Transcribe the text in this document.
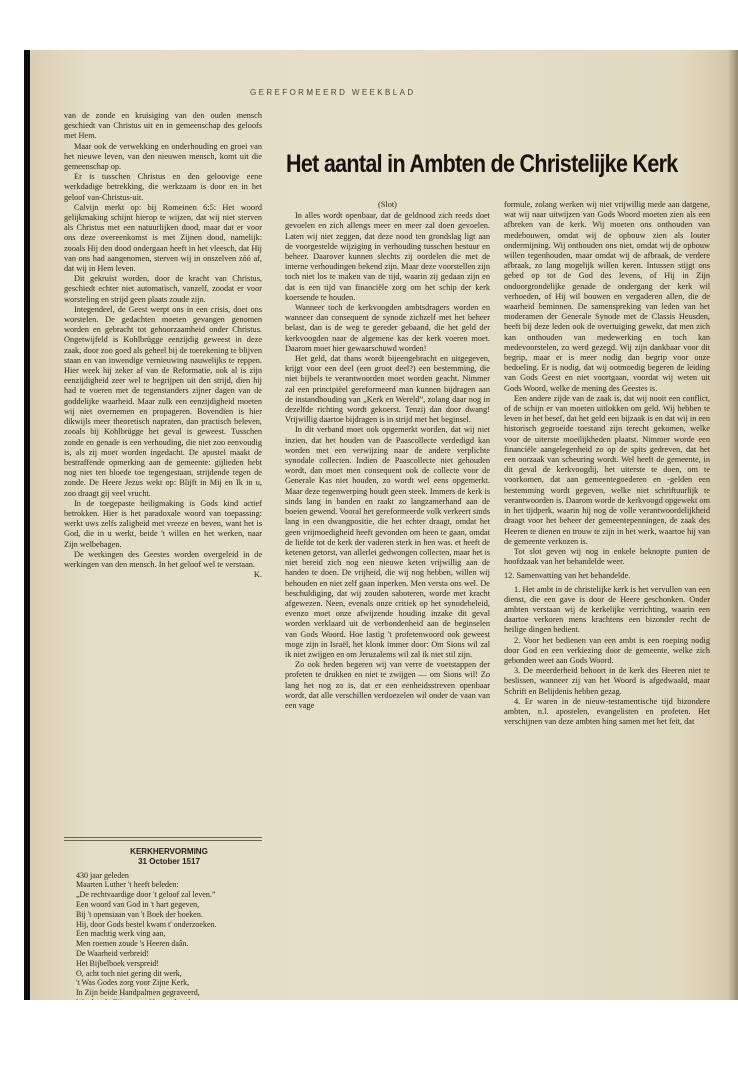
GEREFORMEERD WEEKBLAD

van de zonde en kruisiging van den ouden mensch geschiedt van Christus uit en in gemeenschap des geloofs met Hem.

Maar ook de verwekking en onderhouding en groei van het nieuwe leven, van den nieuwen mensch, komt uit die gemeenschap op.

Er is tusschen Christus en den geloovige eene werkdadige betrekking, die werkzaam is door en in het geloof van-Christus-uit.

Calvijn merkt op: bij Romeinen 6:5: Het woord gelijkmaking schijnt hierop te wijzen, dat wij niet sterven als Christus met een natuurlijken dood, maar dat er voor ons deze overeenkomst is met Zijnen dood, namelijk: zooals Hij den dood ondergaan heeft in het vleesch, dat Hij van ons had aangenomen, sterven wij in onszelven zóó af, dat wij in Hem leven.

Dit gekruist worden, door de kracht van Christus, geschiedt echter niet automatisch, vanzelf, zoodat er voor worsteling en strijd geen plaats zoude zijn.

Integendeel, de Geest werpt ons in een crisis, doet ons worstelen. De gedachten moeten gevangen genomen worden en gebracht tot gehoorzaamheid onder Christus. Ongetwijfeld is Kohlbrügge eenzijdig geweest in deze zaak, door zoo goed als geheel bij de toerekening te blijven staan en van inwendige vernieuwing nauwelijks te reppen. Hier week hij zeker af van de Reformatie, ook al is zijn eenzijdigheid zeer wel te begrijpen uit den strijd, dien hij had te voeren met de tegenstanders zijner dagen van de goddelijke waarheid. Maar zulk een eenzijdigheid moeten wij niet overnemen en propageren. Bovendien is hier dikwijls meer theoretisch napraten, dan practisch beleven, zooals bij Kohlbrügge het geval is geweest. Tusschen zonde en genade is een verhouding, die niet zoo eenvoudig is, als zij moet worden ingedacht. De apostel maakt de bestraffende opmerking aan de gemeente: gijlieden hebt nog niet ten bloede toe tegengestaan, strijdende tegen de zonde. De Heere Jezus wekt op: Blijft in Mij en Ik in u, zoo draagt gij veel vrucht.

In de toegepaste heiligmaking is Gods kind actief betrokken. Hier is het paradoxale woord van toepassing: werkt uws zelfs zaligheid met vreeze en beven, want het is God, die in u werkt, beide 't willen en het werken, naar Zijn welbehagen.

De werkingen des Geestes worden overgeleid in de werkingen van den mensch. In het geloof wel te verstaan.

K.

KERKHERVORMING
31 October 1517
430 jaar geleden
Maarten Luther 't heeft beleden:
„De rechtvaardige door 't geloof zal leven.”
Een woord van God in 't hart gegeven,
Bij 't opensiaan van 't Boek der boeken.
Hij, door Gods bestel kwam t' onderzoeken.
Een machtig werk ving aan,
Men roemen zoude 's Heeren daân.
De Waarheid verbreid!
Het Bijbelboek verspreid!
O, acht toch niet gering dit werk,
't Was Godes zorg voor Zijne Kerk,
In Zijn beide Handpalmen gegraveerd,
Het aantal in Ambten de Christelijke Kerk

(Slot)

In alles wordt openbaar, dat de geldnood zich reeds doet gevoelen en zich allengs meer en meer zal doen gevoelen. Laten wij niet zeggen, dat deze nood ten grondslag ligt aan de voorgestelde wijziging in verhouding tusschen bestuur en beheer. Daarover kunnen slechts zij oordelen die met de interne verhoudingen bekend zijn. Maar deze voorstellen zijn toch niet los te maken van de tijd, waarin zij gedaan zijn en dat is een tijd van financiële zorg om het schip der kerk koersende te houden.

Wanneer toch de kerkvoogden ambtsdragers worden en wanneer dan consequent de synode zichzelf met het beheer belast, dan is de weg te gereder gebaand, die het geld der kerkvoogden naar de algemene kas der kerk voeren moet. Daarom moet hier gewaarschuwd worden!

Het geld, dat thans wordt bijeengebracht en uitgegeven, krijgt voor een deel (een groot deel?) een bestemming, die niet bijbels te verantwoorden moet worden geacht. Nimmer zal een principiëel gereformeerd man kunnen bijdragen aan de instandhouding van „Kerk en Wereld”, zolang daar nog in dezelfde richting wordt gekoerst. Tenzij dan door dwang! Vrijwillig daartoe bijdragen is in strijd met het beginsel.

In dit verband moet ook opgemerkt worden, dat wij niet inzien, dat het houden van de Paascollecte verdedigd kan worden met een verwijzing naar de andere verplichte synodale collecten. Indien de Paascollecte niet gehouden wordt, dan moet men consequent ook de collecte voor de Generale Kas niet houden, zo wordt wel eens opgemerkt. Maar deze tegenwerping houdt geen steek. Immers de kerk is sinds lang in banden en raakt zo langzamerhand aan de boeien gewend. Vooral het gereformeerde volk verkeert sinds lang in een dwangpositie, die het echter draagt, omdat het geen vrijmoedigheid heeft gevonden om heen te gaan, omdat de liefde tot de kerk der vaderen sterk in hen was. et heeft de ketenen getorst, van allerlei gedwongen collecten, maar het is niet bereid zich nog een nieuwe keten vrijwillig aan de handen te doen. De vrijheid, die wij nog hebben, willen wij behouden en niet zelf gaan inperken. Men versta ons wel. De beschuldiging, dat wij zouden saboteren, worde met kracht afgewezen. Neen, evenals onze critiek op het synodebeleid, evenzo moet onze afwijzende houding inzake dit geval worden verklaard uit de verbondenheid aan de beginselen van Gods Woord. Hoe lastig 't profetenwoord ook geweest moge zijn in Israël, het klonk immer door: Om Sions wil zal ik niet zwijgen en om Jeruzalems wil zal ik niet stil zijn.

Zo ook heden begeren wij van verre de voetstappen der profeten te drukken en niet te zwijgen — om Sions wil! Zo lang het nog zo is, dat er een eenheidsstreven openbaar wordt, dat alle verschillen verdoezelen wil onder de vaan van een vage

formule, zolang werken wij niet vrijwillig mede aan datgene, wat wij naar uitwijzen van Gods Woord moeten zien als een afbreken van de kerk. Wij moeten ons onthouden van medebouwen, omdat wij de opbouw zien als louter ondermijning. Wij onthouden ons niet, omdat wij de opbouw willen tegenhouden, maar omdat wij de afbraak, de verdere afbraak, zo lang mogelijk willen keren. Intussen stijgt ons gebed op tot de God des levens, of Hij in Zijn ondoorgrondelijke genade de ondergang der kerk wil verhoeden, of Hij wil bouwen en vergaderen allen, die de waarheid beminnen. De samenspreking van leden van het moderamen der Generale Synode met de Classis Heusden, heeft bij deze leden ook de overtuiging gewekt, dat men zich kan onthouden van medewerking en toch kan medevoorstelen, zo werd gezegd. Wij zijn dankbaar voor dit begrip, maar er is meer nodig dan begrip voor onze bedoeling. Er is nodig, dat wij ootmoedig begeren de leiding van Gods Geest en niet voortgaan, voordat wij weten uit Gods Woord, welke de mening des Geestes is.

Een andere zijde van de zaak is, dat wij nooit een conflict, of de schijn er van moeten uitlokken om geld. Wij hebben te leven in het besef, dat het geld een bijzaak is en dat wij in een historisch gegroeide toestand zijn terecht gekomen, welke voor de uiterste moeilijkheden plaatst. Nimmer worde een financiële aangelegenheid zo op de spits gedreven, dat het een oorzaak van scheuring wordt. Wel heeft de gemeente, in dit geval de kerkvoogdij, het uiterste te doen, om te voorkomen, dat aan gemeentegoederen en -gelden een bestemming wordt gegeven, welke niet schriftuurlijk te verantwoorden is. Daarom worde de kerkvoogd opgewekt om in het tijdperk, waarin hij nog de volle verantwoordelijkheid draagt voor het beheer der gemeentepenningen, de zaak des Heeren te dienen en trouw te zijn in het werk, waartoe hij van de gemeente verkozen is.

Tot slot geven wij nog in enkele beknopte punten de hoofdzaak van het behandelde weer.

12. Samenvatting van het behandelde.

1. Het ambt in de christelijke kerk is het vervullen van een dienst, die een gave is door de Heere geschonken. Onder ambten verstaan wij de kerkelijke verrichting, waarin een daartoe verkoren mens krachtens een bizonder recht de heilige dingen bedient.

2. Voor het bedienen van een ambt is een roeping nodig door God en een verkiezing door de gemeente, welke zich gebonden weet aan Gods Woord.

3. De meerderheid behoort in de kerk des Heeren niet te beslissen, wanneer zij van het Woord is afgedwaald, maar Schrift en Belijdenis hebben gezag.

4. Er waren in de nieuw-testamentische tijd bizondere ambten, n.l. apostelen, evangelisten en profeten. Het verschijnen van deze ambten hing samen met het feit, dat
